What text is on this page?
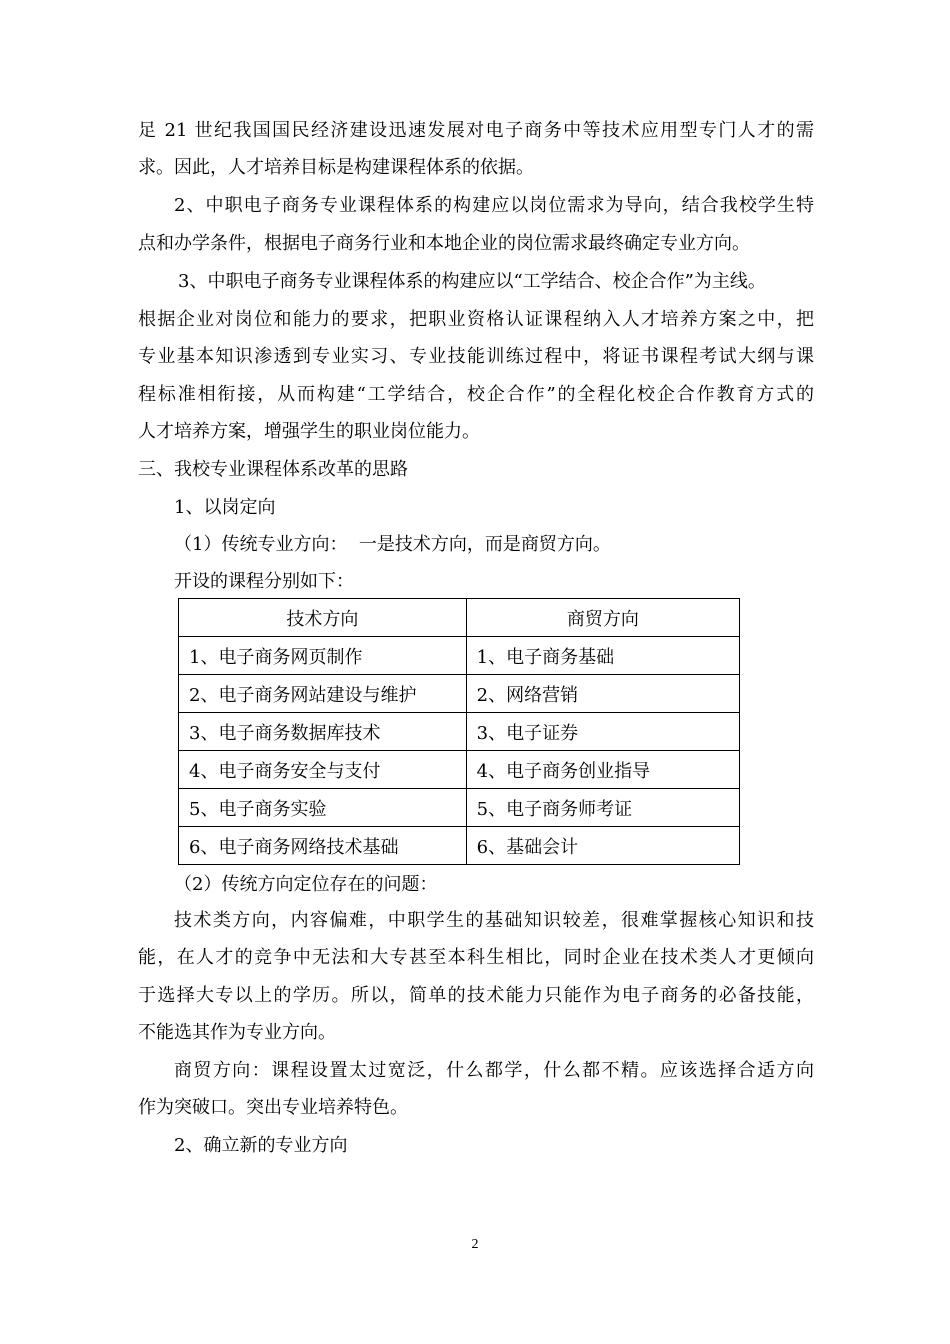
足 21 世纪我国国民经济建设迅速发展对电子商务中等技术应用型专门人才的需
求。因此，人才培养目标是构建课程体系的依据。
2、中职电子商务专业课程体系的构建应以岗位需求为导向，结合我校学生特
点和办学条件，根据电子商务行业和本地企业的岗位需求最终确定专业方向。
3、中职电子商务专业课程体系的构建应以“工学结合、校企合作”为主线。
根据企业对岗位和能力的要求，把职业资格认证课程纳入人才培养方案之中，把
专业基本知识渗透到专业实习、专业技能训练过程中，将证书课程考试大纲与课
程标准相衔接，从而构建“工学结合，校企合作”的全程化校企合作教育方式的
人才培养方案，增强学生的职业岗位能力。
三、我校专业课程体系改革的思路
1、以岗定向
（1）传统专业方向：  一是技术方向，而是商贸方向。
开设的课程分别如下：
技术方向	商贸方向
1、电子商务网页制作	1、电子商务基础
2、电子商务网站建设与维护	2、网络营销
3、电子商务数据库技术	3、电子证券
4、电子商务安全与支付	4、电子商务创业指导
5、电子商务实验	5、电子商务师考证
6、电子商务网络技术基础	6、基础会计
（2）传统方向定位存在的问题：
技术类方向，内容偏难，中职学生的基础知识较差，很难掌握核心知识和技
能，在人才的竞争中无法和大专甚至本科生相比，同时企业在技术类人才更倾向
于选择大专以上的学历。所以，简单的技术能力只能作为电子商务的必备技能，
不能选其作为专业方向。
商贸方向：课程设置太过宽泛，什么都学，什么都不精。应该选择合适方向
作为突破口。突出专业培养特色。
2、确立新的专业方向
2
